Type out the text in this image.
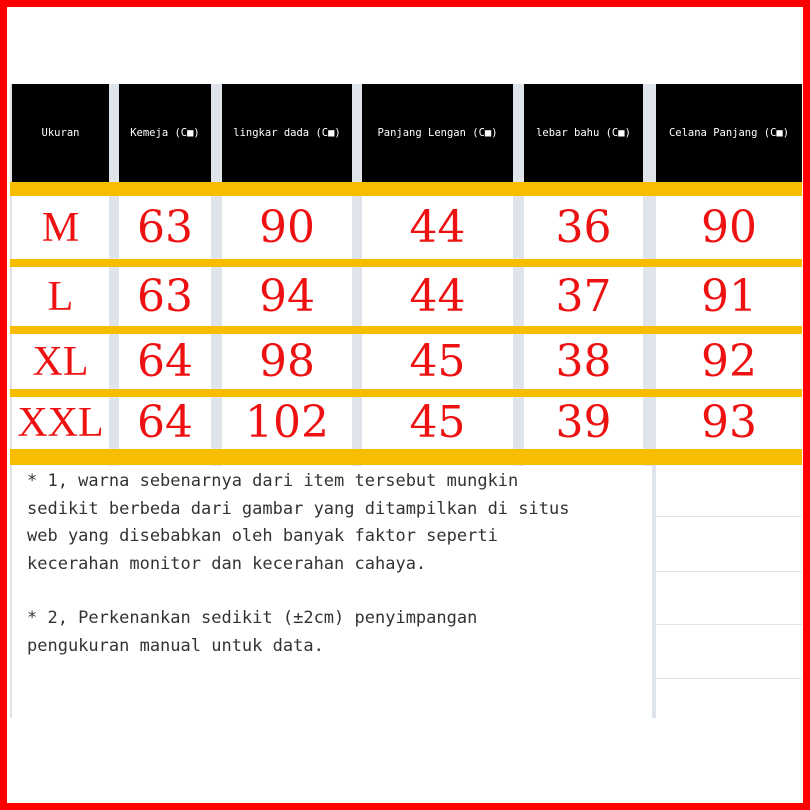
Ukuran	Kemeja (C■)	lingkar dada (C■)	Panjang Lengan (C■)	lebar bahu (C■)	Celana Panjang (C■)
M	63	90	44	36	90
L	63	94	44	37	91
XL	64	98	45	38	92
XXL 64	102	45	39	93

* 1, warna sebenarnya dari item tersebut mungkin

sedikit berbeda dari gambar yang ditampilkan di situs

web yang disebabkan oleh banyak faktor seperti

kecerahan monitor dan kecerahan cahaya.

* 2, Perkenankan sedikit (±2cm) penyimpangan

pengukuran manual untuk data.
